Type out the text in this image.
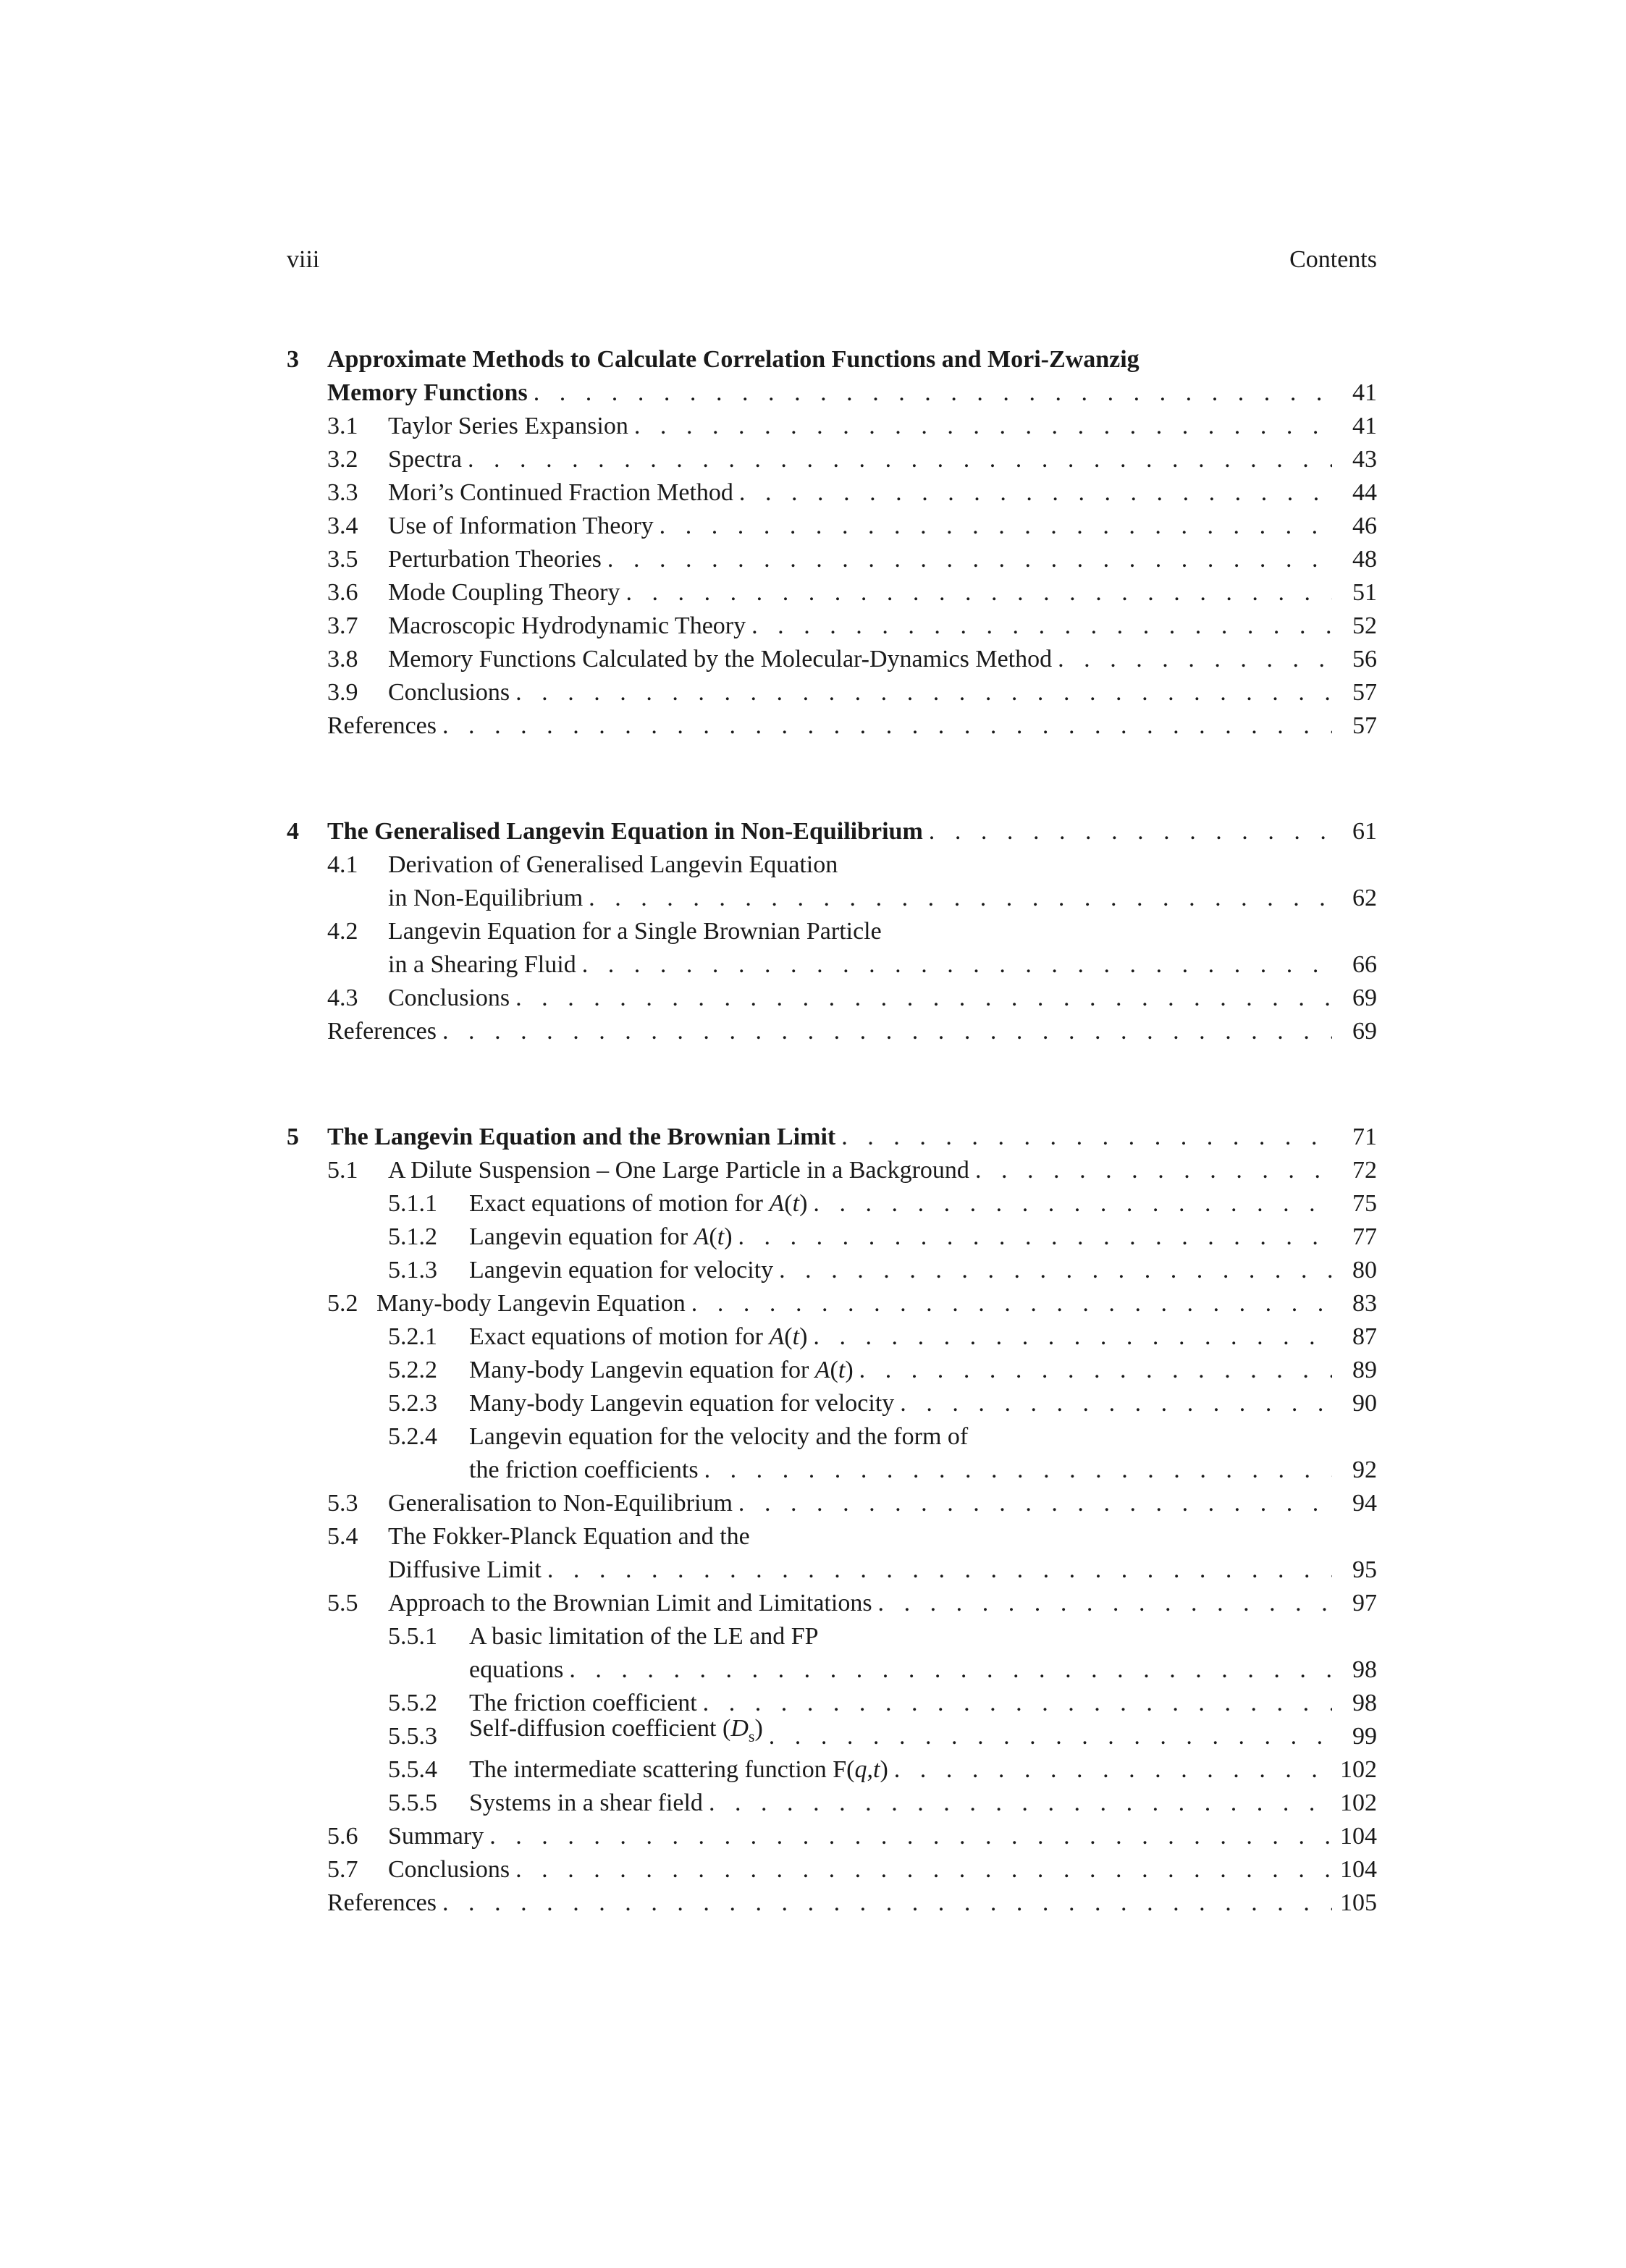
viii	Contents
3 Approximate Methods to Calculate Correlation Functions and Mori-Zwanzig
Memory Functions . . .	41
3.1	Taylor Series Expansion . . .	41
3.2	Spectra . . .	43
3.3	Mori’s Continued Fraction Method . . .	44
3.4	Use of Information Theory . . .	46
3.5	Perturbation Theories . . .	48
3.6	Mode Coupling Theory . . .	51
3.7	Macroscopic Hydrodynamic Theory . . .	52
3.8	Memory Functions Calculated by the Molecular-Dynamics Method . . .	56
3.9	Conclusions . . .	57
References . . .	57
4	The Generalised Langevin Equation in Non-Equilibrium . . .	61
4.1 Derivation of Generalised Langevin Equation
in Non-Equilibrium . . .	62
4.2 Langevin Equation for a Single Brownian Particle
in a Shearing Fluid . . .	66
4.3	Conclusions . . .	69
References . . .	69
5	The Langevin Equation and the Brownian Limit . . .	71
5.1	A Dilute Suspension – One Large Particle in a Background . . .	72
5.1.1	Exact equations of motion for A(t) . . .	75
5.1.2	Langevin equation for A(t) . . .	77
5.1.3	Langevin equation for velocity . . .	80
5.2 Many-body Langevin Equation . . .	83
5.2.1	Exact equations of motion for A(t) . . .	87
5.2.2	Many-body Langevin equation for A(t) . . .	89
5.2.3	Many-body Langevin equation for velocity . . .	90
5.2.4 Langevin equation for the velocity and the form of
the friction coefficients . . .	92
5.3	Generalisation to Non-Equilibrium . . .	94
5.4 The Fokker-Planck Equation and the
Diffusive Limit . . .	95
5.5	Approach to the Brownian Limit and Limitations . . .	97
5.5.1 A basic limitation of the LE and FP
equations . . .	98
5.5.2	The friction coefficient . . .	98
5.5.3	Self-diffusion coefficient $(D_s)$ . . .	99
5.5.4	The intermediate scattering function F(q,t) . . .	102
5.5.5	Systems in a shear field . . .	102
5.6	Summary . . .	104
5.7	Conclusions . . .	104
References . . .	105
